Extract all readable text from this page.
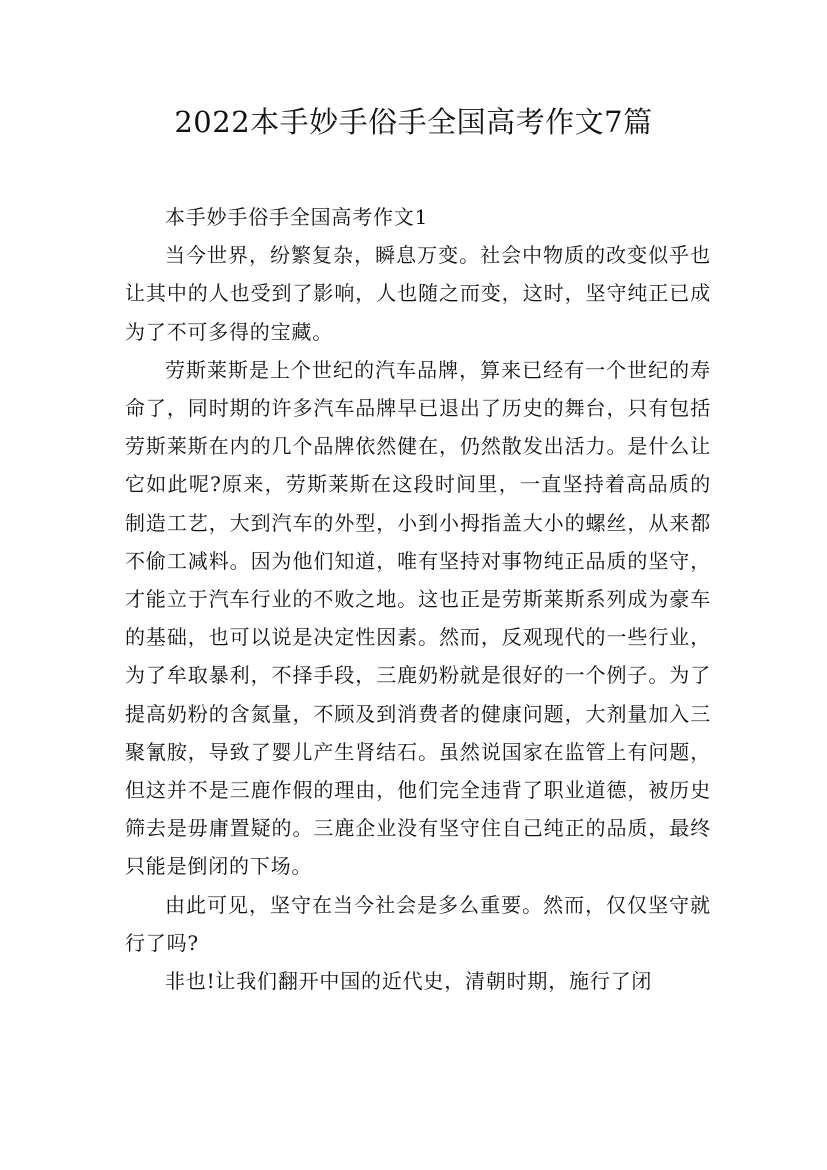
2022本手妙手俗手全国高考作文7篇

本手妙手俗手全国高考作文1

当今世界，纷繁复杂，瞬息万变。社会中物质的改变似乎也让其中的人也受到了影响，人也随之而变，这时，坚守纯正已成为了不可多得的宝藏。

劳斯莱斯是上个世纪的汽车品牌，算来已经有一个世纪的寿命了，同时期的许多汽车品牌早已退出了历史的舞台，只有包括劳斯莱斯在内的几个品牌依然健在，仍然散发出活力。是什么让它如此呢?原来，劳斯莱斯在这段时间里，一直坚持着高品质的制造工艺，大到汽车的外型，小到小拇指盖大小的螺丝，从来都不偷工减料。因为他们知道，唯有坚持对事物纯正品质的坚守，才能立于汽车行业的不败之地。这也正是劳斯莱斯系列成为豪车的基础，也可以说是决定性因素。然而，反观现代的一些行业，为了牟取暴利，不择手段，三鹿奶粉就是很好的一个例子。为了提高奶粉的含氮量，不顾及到消费者的健康问题，大剂量加入三聚氰胺，导致了婴儿产生肾结石。虽然说国家在监管上有问题，但这并不是三鹿作假的理由，他们完全违背了职业道德，被历史筛去是毋庸置疑的。三鹿企业没有坚守住自己纯正的品质，最终只能是倒闭的下场。

由此可见，坚守在当今社会是多么重要。然而，仅仅坚守就行了吗?

非也!让我们翻开中国的近代史，清朝时期，施行了闭
